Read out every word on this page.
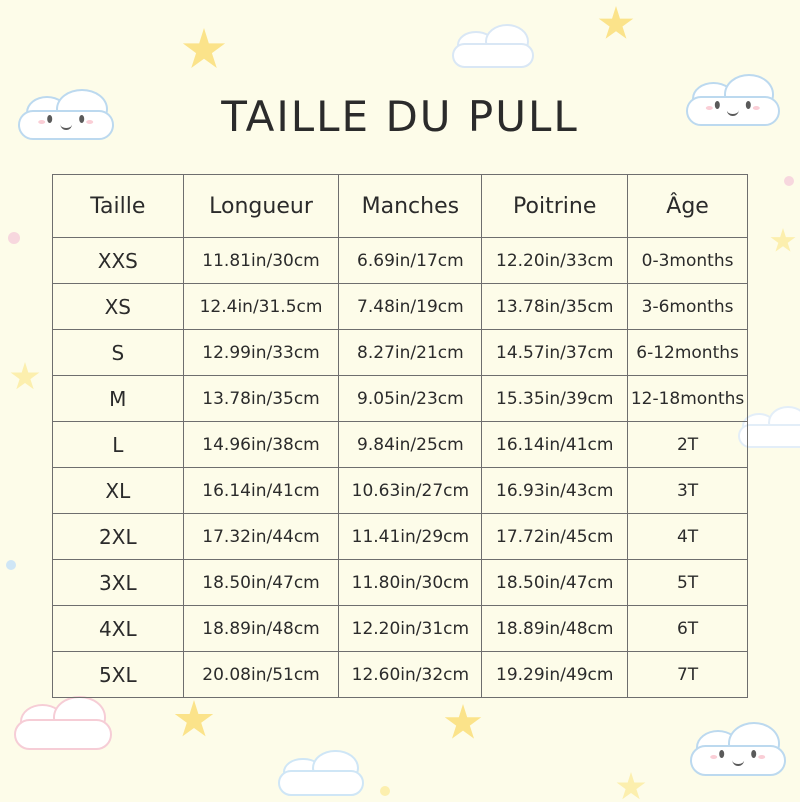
TAILLE DU PULL
Taille	Longueur	Manches	Poitrine	Âge
XXS	11.81in/30cm	6.69in/17cm	12.20in/33cm	0-3months
XS	12.4in/31.5cm	7.48in/19cm	13.78in/35cm	3-6months
S	12.99in/33cm	8.27in/21cm	14.57in/37cm	6-12months
M	13.78in/35cm	9.05in/23cm	15.35in/39cm	12-18months
L	14.96in/38cm	9.84in/25cm	16.14in/41cm	2T
XL	16.14in/41cm	10.63in/27cm	16.93in/43cm	3T
2XL	17.32in/44cm	11.41in/29cm	17.72in/45cm	4T
3XL	18.50in/47cm	11.80in/30cm	18.50in/47cm	5T
4XL	18.89in/48cm	12.20in/31cm	18.89in/48cm	6T
5XL	20.08in/51cm	12.60in/32cm	19.29in/49cm	7T
